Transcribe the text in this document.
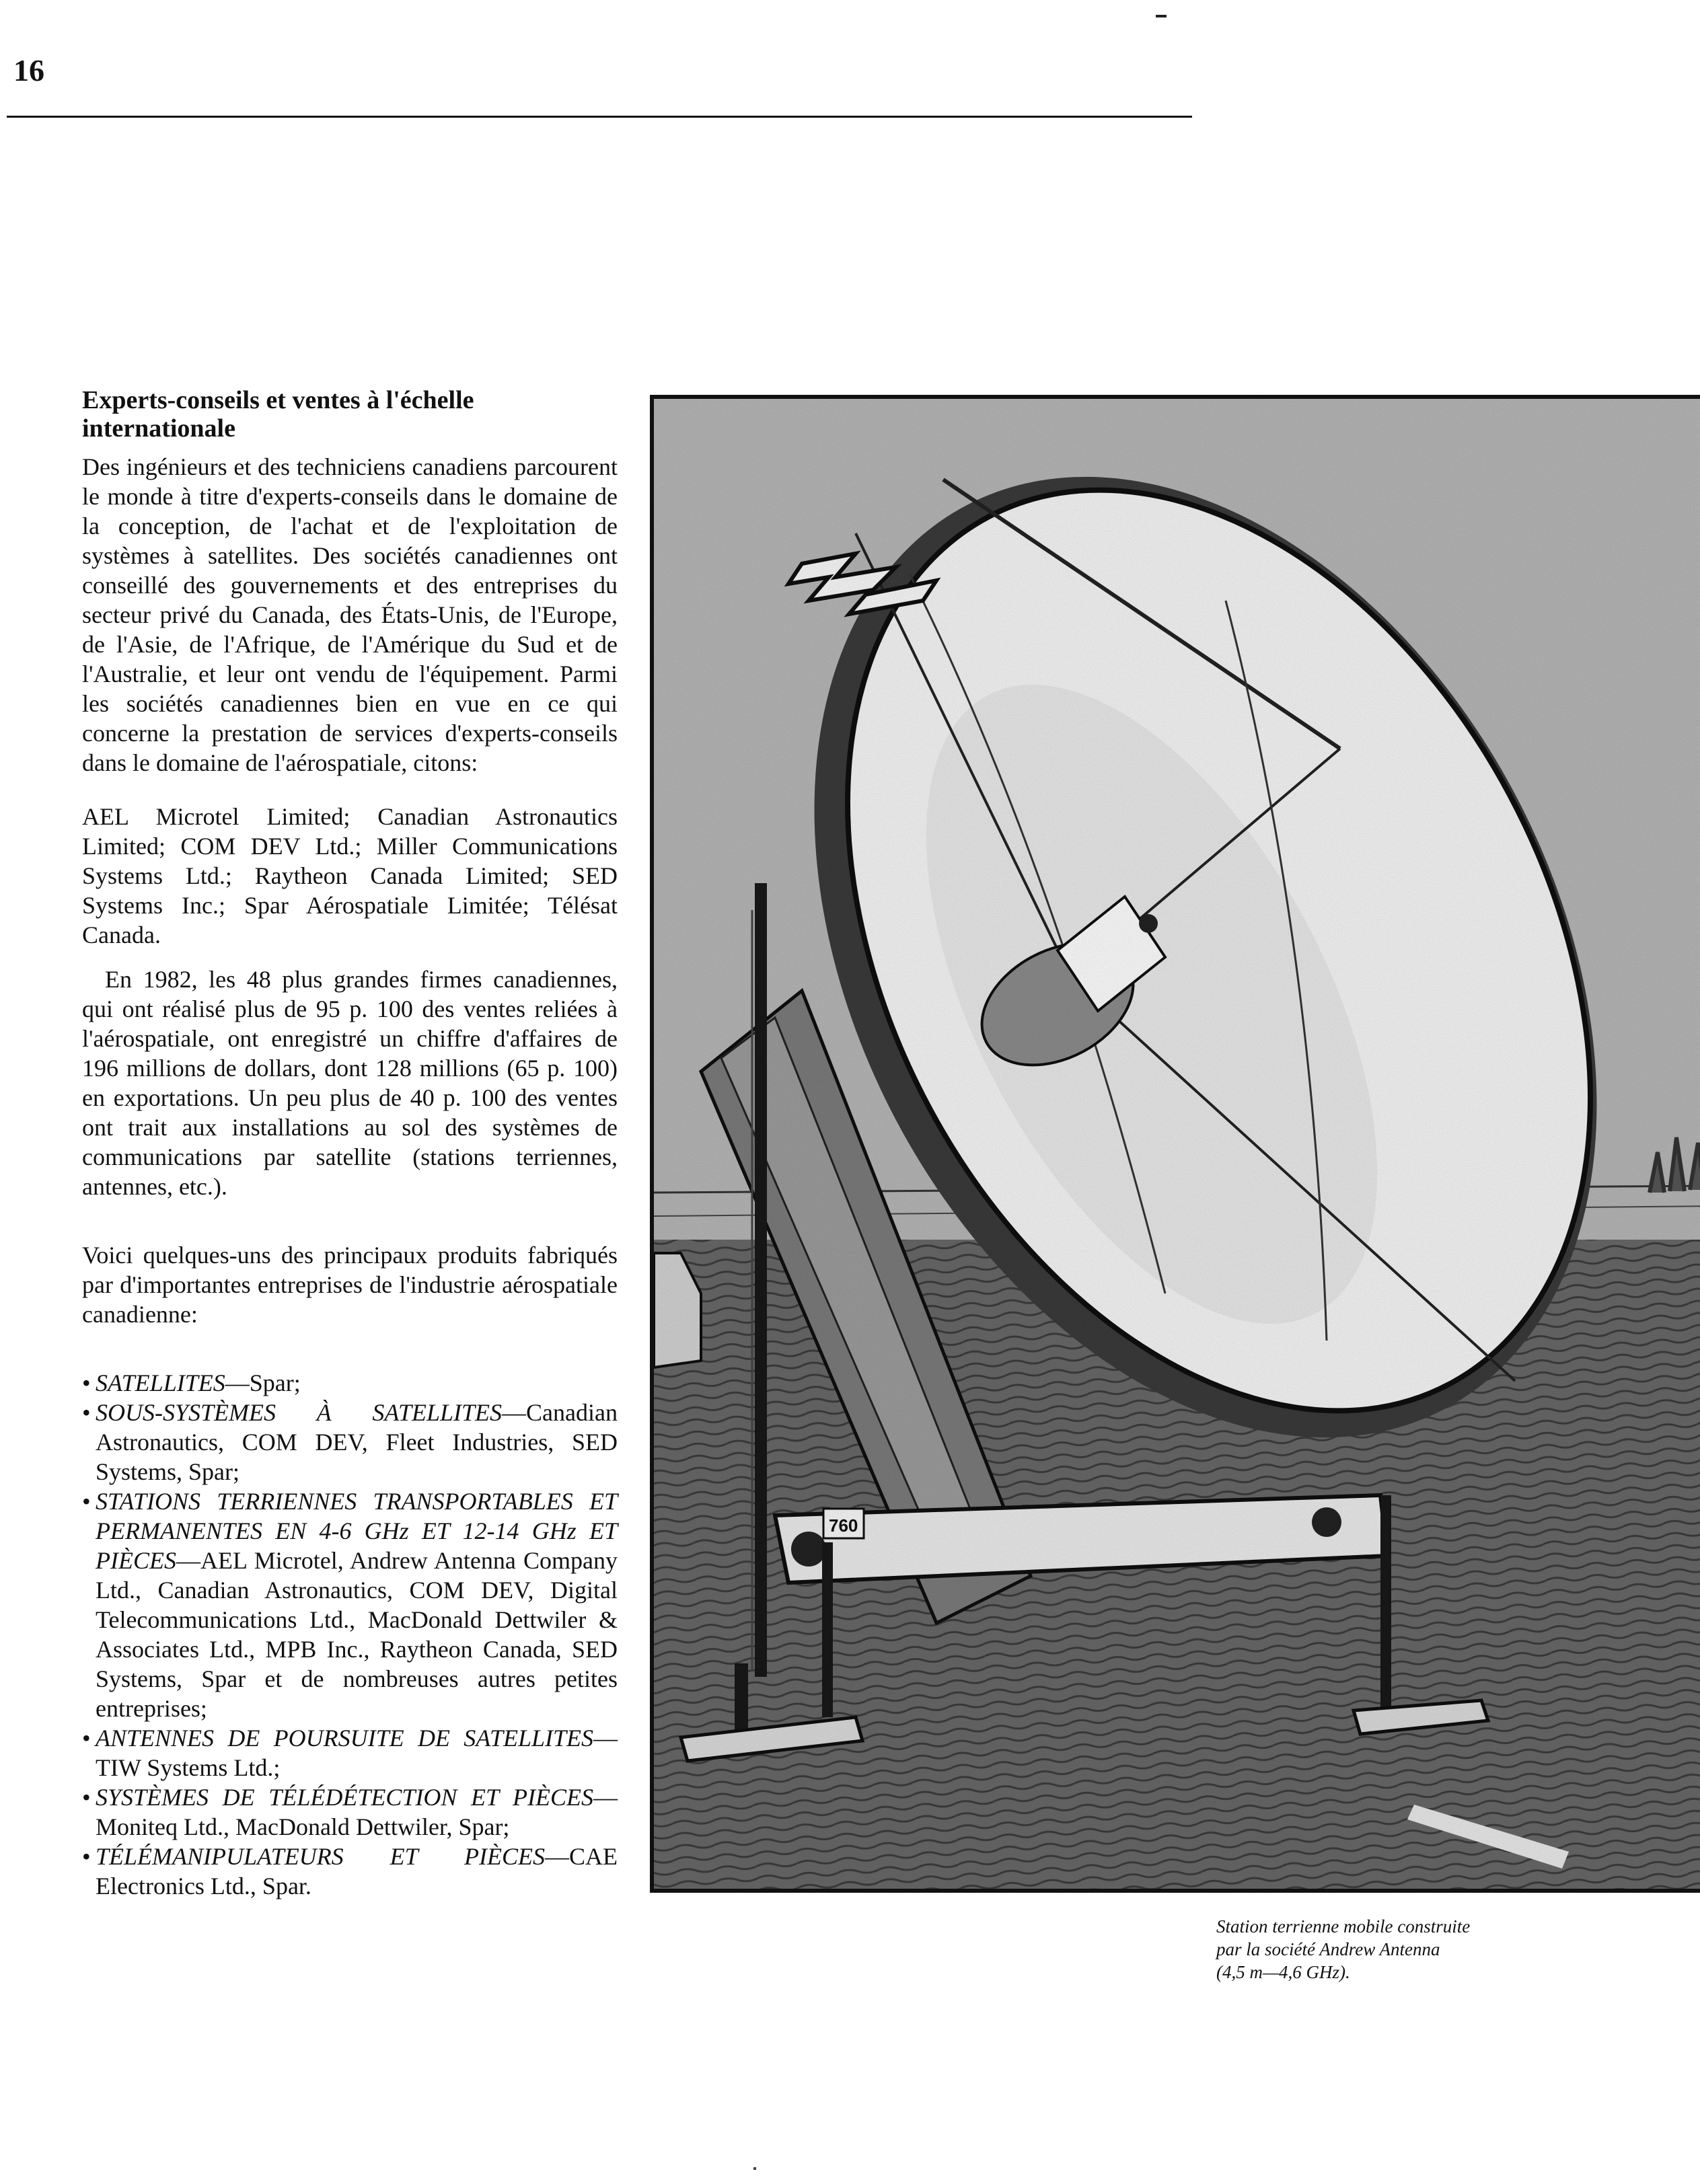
16
Experts-conseils et ventes à l'échelle internationale

Des ingénieurs et des techniciens canadiens parcourent le monde à titre d'experts-conseils dans le domaine de la conception, de l'achat et de l'exploitation de systèmes à satellites. Des sociétés canadiennes ont conseillé des gouvernements et des entreprises du secteur privé du Canada, des États-Unis, de l'Europe, de l'Asie, de l'Afrique, de l'Amérique du Sud et de l'Australie, et leur ont vendu de l'équipement. Parmi les sociétés canadiennes bien en vue en ce qui concerne la prestation de services d'experts-conseils dans le domaine de l'aérospatiale, citons:

AEL Microtel Limited; Canadian Astronautics Limited; COM DEV Ltd.; Miller Communications Systems Ltd.; Raytheon Canada Limited; SED Systems Inc.; Spar Aérospatiale Limitée; Télésat Canada.

En 1982, les 48 plus grandes firmes canadiennes, qui ont réalisé plus de 95 p. 100 des ventes reliées à l'aérospatiale, ont enregistré un chiffre d'affaires de 196 millions de dollars, dont 128 millions (65 p. 100) en exportations. Un peu plus de 40 p. 100 des ventes ont trait aux installations au sol des systèmes de communications par satellite (stations terriennes, antennes, etc.).

Voici quelques-uns des principaux produits fabriqués par d'importantes entreprises de l'industrie aérospatiale canadienne:

• SATELLITES—Spar;
• SOUS-SYSTÈMES À SATELLITES—Canadian Astronautics, COM DEV, Fleet Industries, SED Systems, Spar;
• STATIONS TERRIENNES TRANSPORTABLES ET PERMANENTES EN 4-6 GHz ET 12-14 GHz ET PIÈCES—AEL Microtel, Andrew Antenna Company Ltd., Canadian Astronautics, COM DEV, Digital Telecommunications Ltd., MacDonald Dettwiler & Associates Ltd., MPB Inc., Raytheon Canada, SED Systems, Spar et de nombreuses autres petites entreprises;
• ANTENNES DE POURSUITE DE SATELLITES—TIW Systems Ltd.;
• SYSTÈMES DE TÉLÉDÉTECTION ET PIÈCES—Moniteq Ltd., MacDonald Dettwiler, Spar;
• TÉLÉMANIPULATEURS ET PIÈCES—CAE Electronics Ltd., Spar.
760
Station terrienne mobile construite
par la société Andrew Antenna
(4,5 m—4,6 GHz).
